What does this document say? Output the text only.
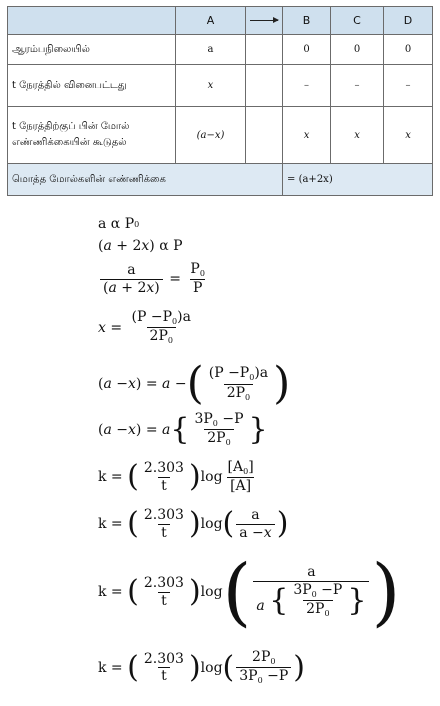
	A		B	C	D
ஆரம்பநிலையில்	a		0	0	0
t நேரத்தில் வினைபட்டது	x		–	–	–
t நேரத்திற்குப் பின் மோல் எண்ணிக்கையின் கூடுதல்	(a−x)		x	x	x
மொத்த மோல்களின் எண்ணிக்கை			= (a+2x)		
a α P 0
( a + 2 x ) α P
$\frac{a}{(a + 2x)} = \frac{P_0}{P}$
$x = \frac{(P -P_0)a}{2P_0}$
( a − x ) = a − ( $\frac{(P -P_0)a}{2P_0}$ )
( a − x ) = a { $\frac{3P_0 -P}{2P_0}$ }
k = ( $\frac{2.303}{t}$ ) $\log \frac{[A_0]}{[A]}$
k = ( $\frac{2.303}{t}$ ) log ( $\frac{a}{a -x}$ )
k = ( $\frac{2.303}{t}$ ) log ( $\frac{a}{a \{ \frac{3P_0 -P}{2P_0} \}}$ )
k = ( $\frac{2.303}{t}$ ) log ( $\frac{2P_0}{3P_0 -P}$ )
